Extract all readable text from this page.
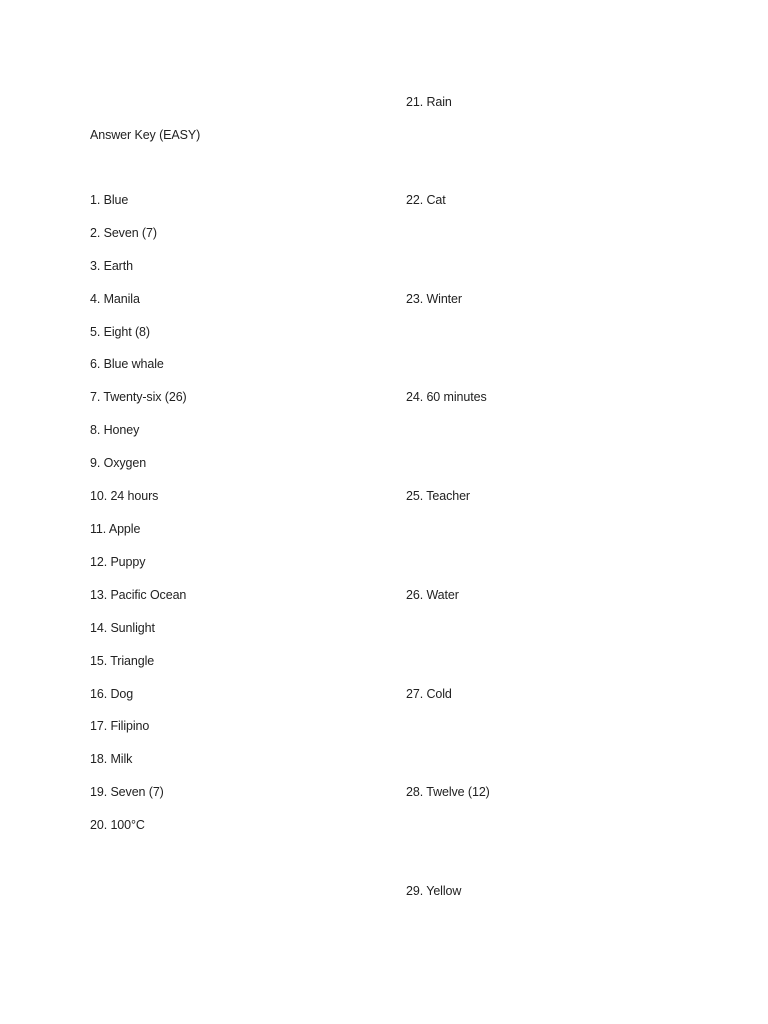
Answer Key (EASY)
1. Blue
2. Seven (7)
3. Earth
4. Manila
5. Eight (8)
6. Blue whale
7. Twenty-six (26)
8. Honey
9. Oxygen
10. 24 hours
11. Apple
12. Puppy
13. Pacific Ocean
14. Sunlight
15. Triangle
16. Dog
17. Filipino
18. Milk
19. Seven (7)
20. 100°C
21. Rain
22. Cat
23. Winter
24. 60 minutes
25. Teacher
26. Water
27. Cold
28. Twelve (12)
29. Yellow
